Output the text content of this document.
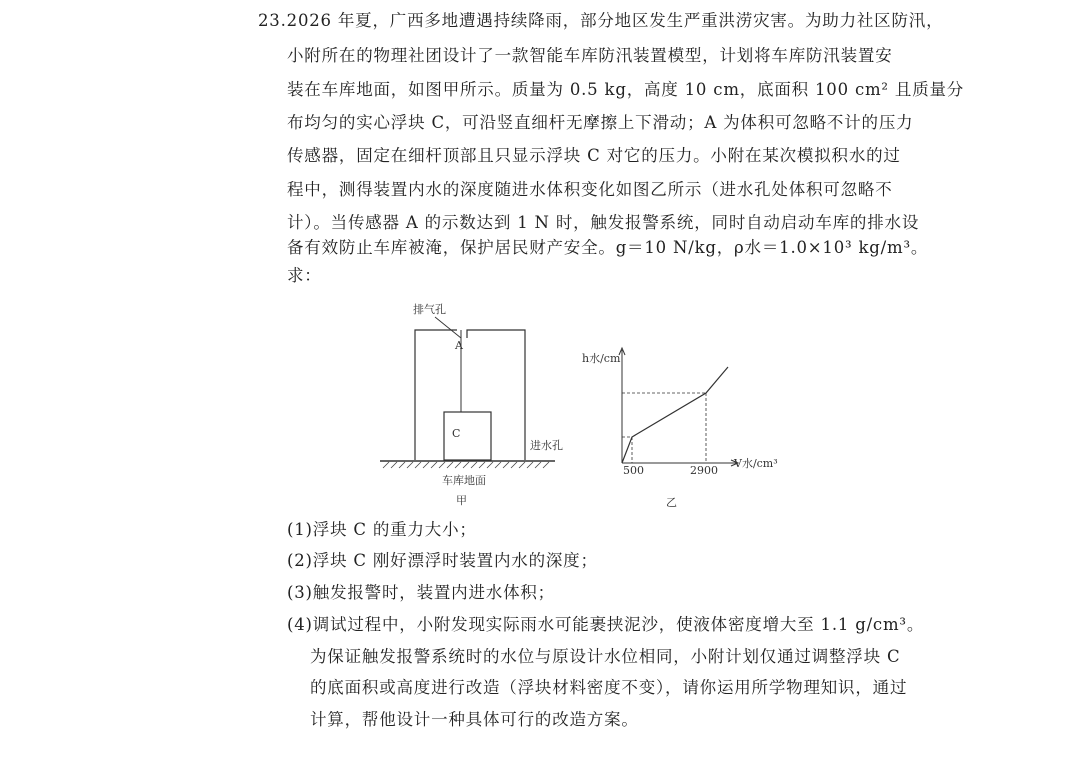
23.2026 年夏，广西多地遭遇持续降雨，部分地区发生严重洪涝灾害。为助力社区防汛，
小附所在的物理社团设计了一款智能车库防汛装置模型，计划将车库防汛装置安
装在车库地面，如图甲所示。质量为 0.5 kg，高度 10 cm，底面积 100 cm² 且质量分
布均匀的实心浮块 C，可沿竖直细杆无摩擦上下滑动；A 为体积可忽略不计的压力
传感器，固定在细杆顶部且只显示浮块 C 对它的压力。小附在某次模拟积水的过
程中，测得装置内水的深度随进水体积变化如图乙所示（进水孔处体积可忽略不
计）。当传感器 A 的示数达到 1 N 时，触发报警系统，同时自动启动车库的排水设
备有效防止车库被淹，保护居民财产安全。g＝10 N/kg，ρ水＝1.0×10³ kg/m³。
求：
排气孔
A
C
进水孔
车库地面
甲
h水/cm
V水/cm³
500	2900
乙
(1)浮块 C 的重力大小；
(2)浮块 C 刚好漂浮时装置内水的深度；
(3)触发报警时，装置内进水体积；
(4)调试过程中，小附发现实际雨水可能裹挟泥沙，使液体密度增大至 1.1 g/cm³。
为保证触发报警系统时的水位与原设计水位相同，小附计划仅通过调整浮块 C
的底面积或高度进行改造（浮块材料密度不变），请你运用所学物理知识，通过
计算，帮他设计一种具体可行的改造方案。
